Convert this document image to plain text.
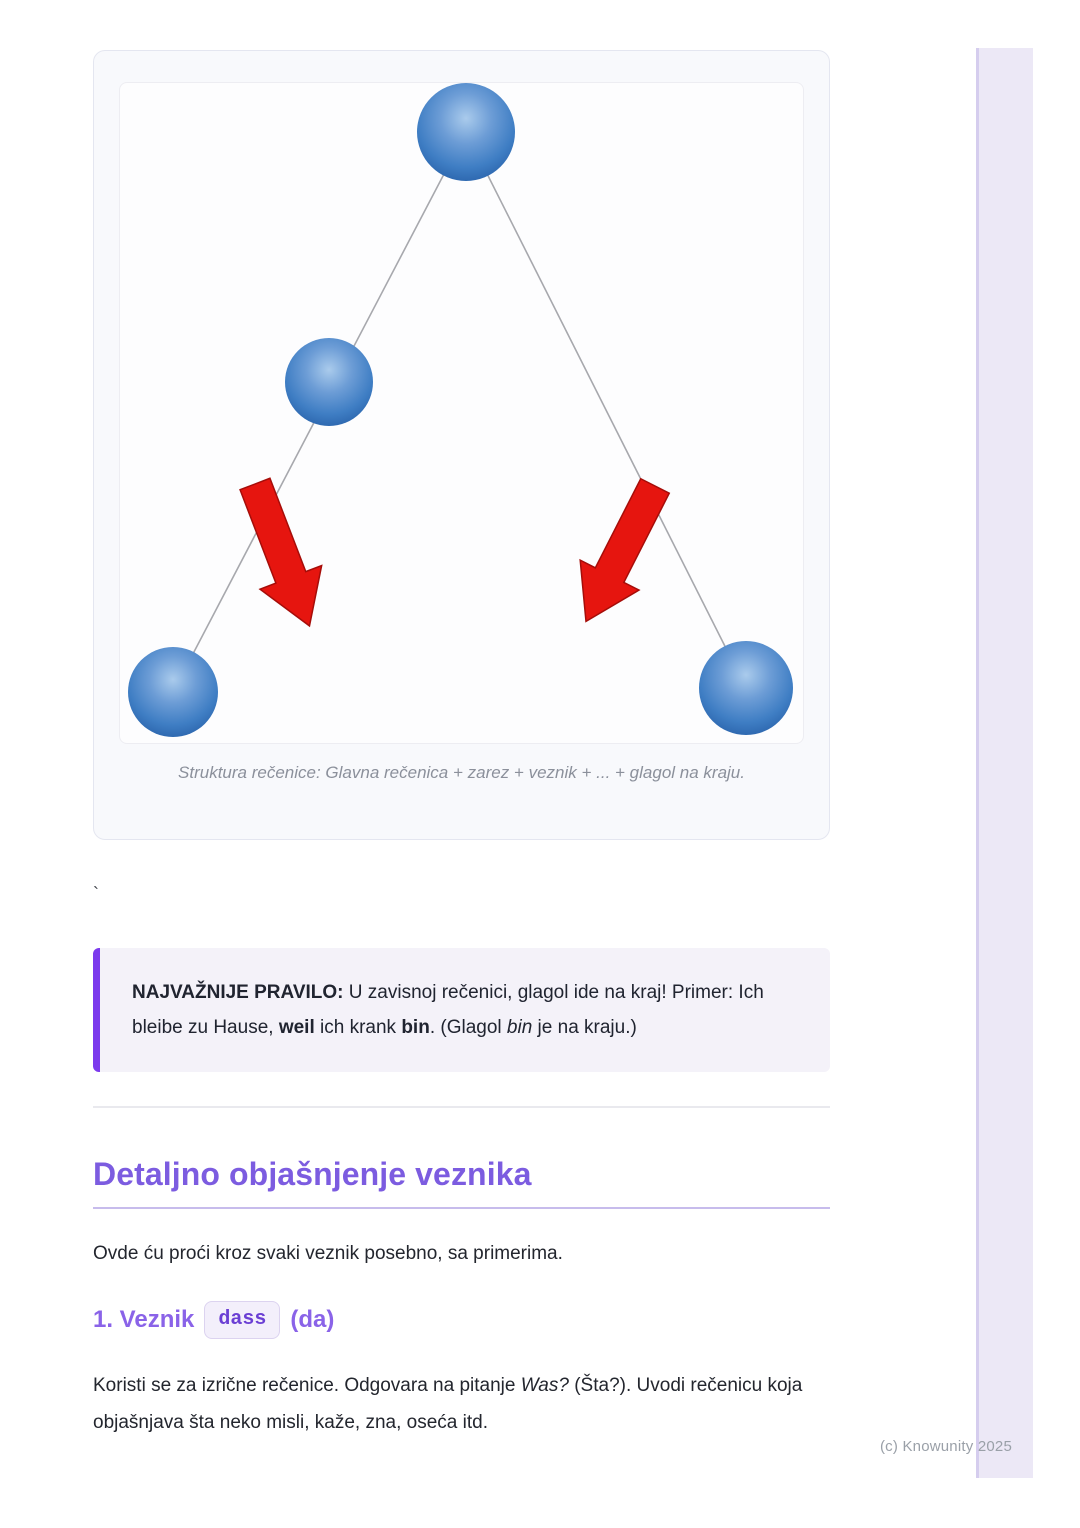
(c) Knowunity 2025
Struktura rečenice: Glavna rečenica + zarez + veznik + ... + glagol na kraju.
`
NAJVAŽNIJE PRAVILO: U zavisnoj rečenici, glagol ide na kraj! Primer: Ich bleibe zu Hause, weil ich krank bin. (Glagol bin je na kraju.)
Detaljno objašnjenje veznika

Ovde ću proći kroz svaki veznik posebno, sa primerima.

1. Veznik	dass	(da)

Koristi se za izrične rečenice. Odgovara na pitanje Was? (Šta?). Uvodi rečenicu koja objašnjava šta neko misli, kaže, zna, oseća itd.
